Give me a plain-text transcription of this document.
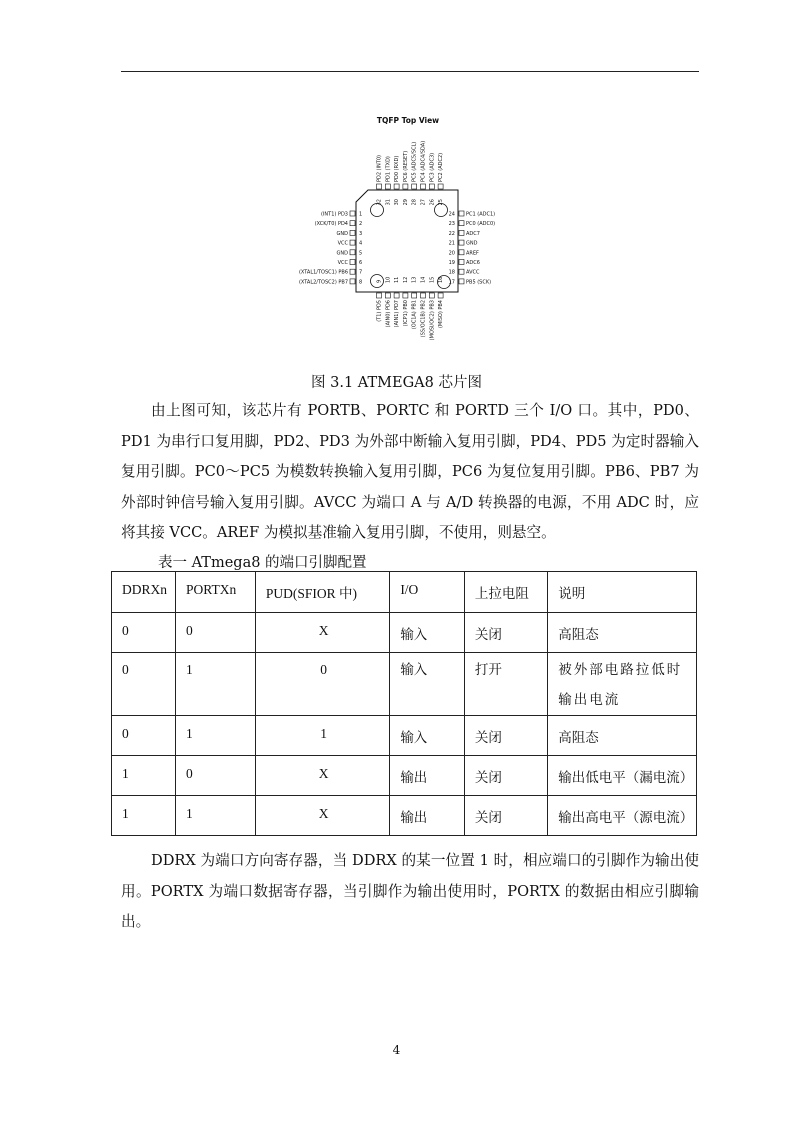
TQFP Top View
(INT1) PD3 1
(XCK/T0) PD4 2
GND 3
VCC 4
GND 5
VCC 6
(XTAL1/TOSC1) PB6 7
(XTAL2/TOSC2) PB7 8
PC1 (ADC1)
24
PC0 (ADC0)
23
ADC7
22
GND
21
AREF
20
ADC6
19
AVCC
18
PB5 (SCK)
17
PD2 (INT0)
32
PD1 (TXD)
31
PD0 (RXD)
30
PC6 (RESET)
29
PC5 (ADC5/SCL)
28
PC4 (ADC4/SDA)
27
PC3 (ADC3)
26
PC2 (ADC2)
25
(T1) PD5
9
(AIN0) PD6
10
(AIN1) PD7
11
(ICP1) PB0
12
(OC1A) PB1
13
(SS/OC1B) PB2
14
(MOSI/OC2) PB3
15
(MISO) PB4
16
图 3.1 ATMEGA8 芯片图

由上图可知，该芯片有 PORTB、PORTC 和 PORTD 三个 I/O 口。其中，PD0、PD1 为串行口复用脚，PD2、PD3 为外部中断输入复用引脚，PD4、PD5 为定时器输入复用引脚。PC0～PC5 为模数转换输入复用引脚，PC6 为复位复用引脚。PB6、PB7 为外部时钟信号输入复用引脚。AVCC 为端口 A 与 A/D 转换器的电源，不用 ADC 时，应将其接 VCC。AREF 为模拟基准输入复用引脚，不使用，则悬空。

表一 ATmega8 的端口引脚配置
DDRXn	PORTXn	PUD(SFIOR 中)	I/O	上拉电阻	说明
0	0	X	输入	关闭	高阻态
0	1	0	输入	打开	被外部电路拉低时输出电流
0	1	1	输入	关闭	高阻态
1	0	X	输出	关闭	输出低电平（漏电流）
1	1	X	输出	关闭	输出高电平（源电流）

DDRX 为端口方向寄存器，当 DDRX 的某一位置 1 时，相应端口的引脚作为输出使用。PORTX 为端口数据寄存器，当引脚作为输出使用时，PORTX 的数据由相应引脚输出。

4
